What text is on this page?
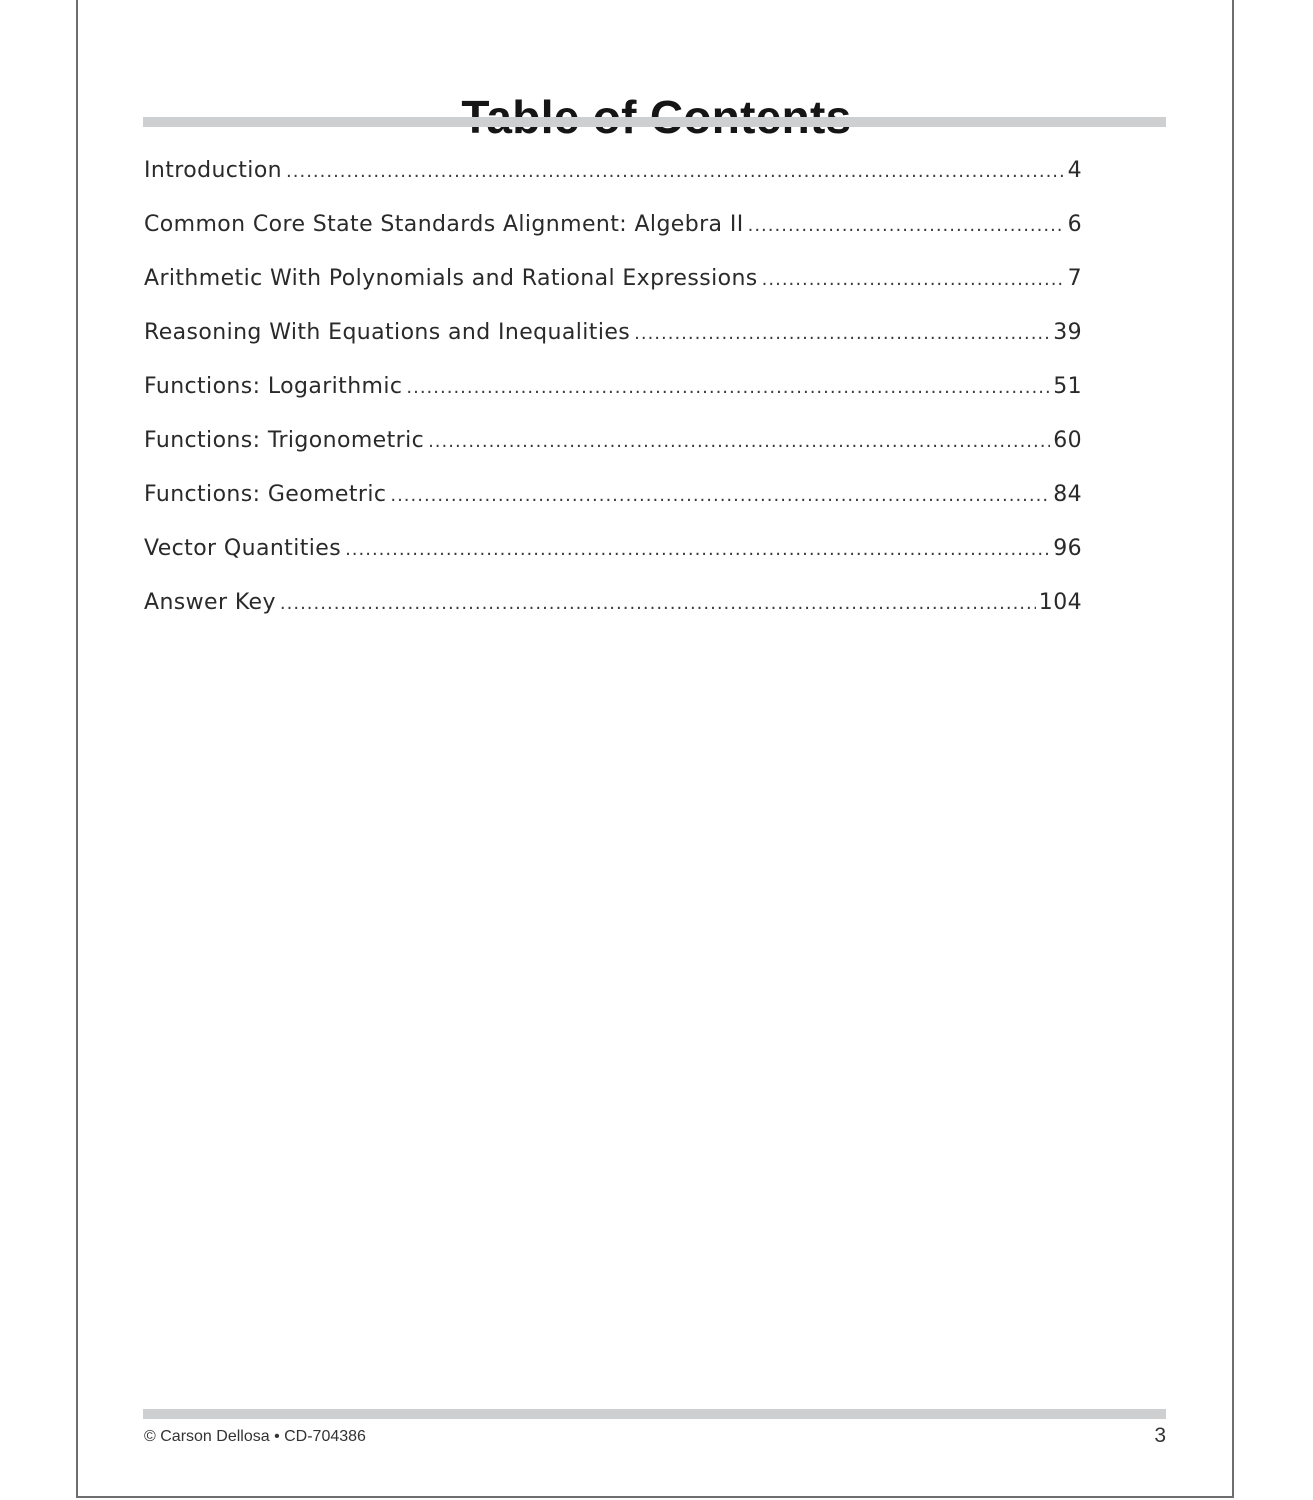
Introduction .....	4
Common Core State Standards Alignment: Algebra II .....	6
Arithmetic With Polynomials and Rational Expressions .....	7
Reasoning With Equations and Inequalities .....	39
Functions: Logarithmic .....	51
Functions: Trigonometric .....	60
Functions: Geometric .....	84
Vector Quantities .....	96
Answer Key .....	104
© Carson Dellosa • CD-704386	3
